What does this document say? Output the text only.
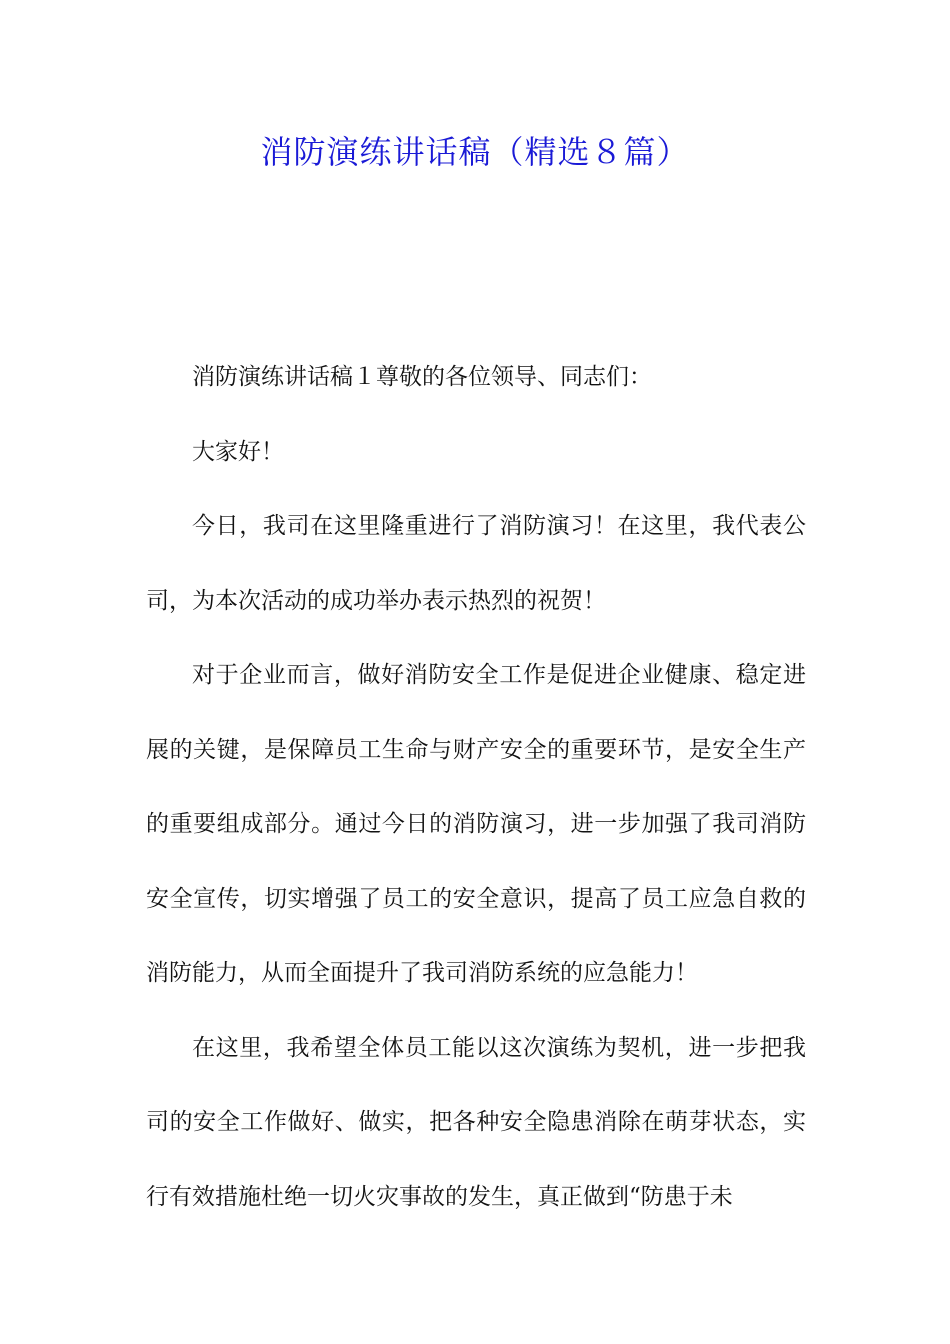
消防演练讲话稿（精选８篇）

消防演练讲话稿１尊敬的各位领导、同志们：

大家好！

今日，我司在这里隆重进行了消防演习！在这里，我代表公司，为本次活动的成功举办表示热烈的祝贺！

对于企业而言，做好消防安全工作是促进企业健康、稳定进展的关键，是保障员工生命与财产安全的重要环节，是安全生产的重要组成部分。通过今日的消防演习，进一步加强了我司消防安全宣传，切实增强了员工的安全意识，提高了员工应急自救的消防能力，从而全面提升了我司消防系统的应急能力！

在这里，我希望全体员工能以这次演练为契机，进一步把我司的安全工作做好、做实，把各种安全隐患消除在萌芽状态，实行有效措施杜绝一切火灾事故的发生，真正做到“防患于未
